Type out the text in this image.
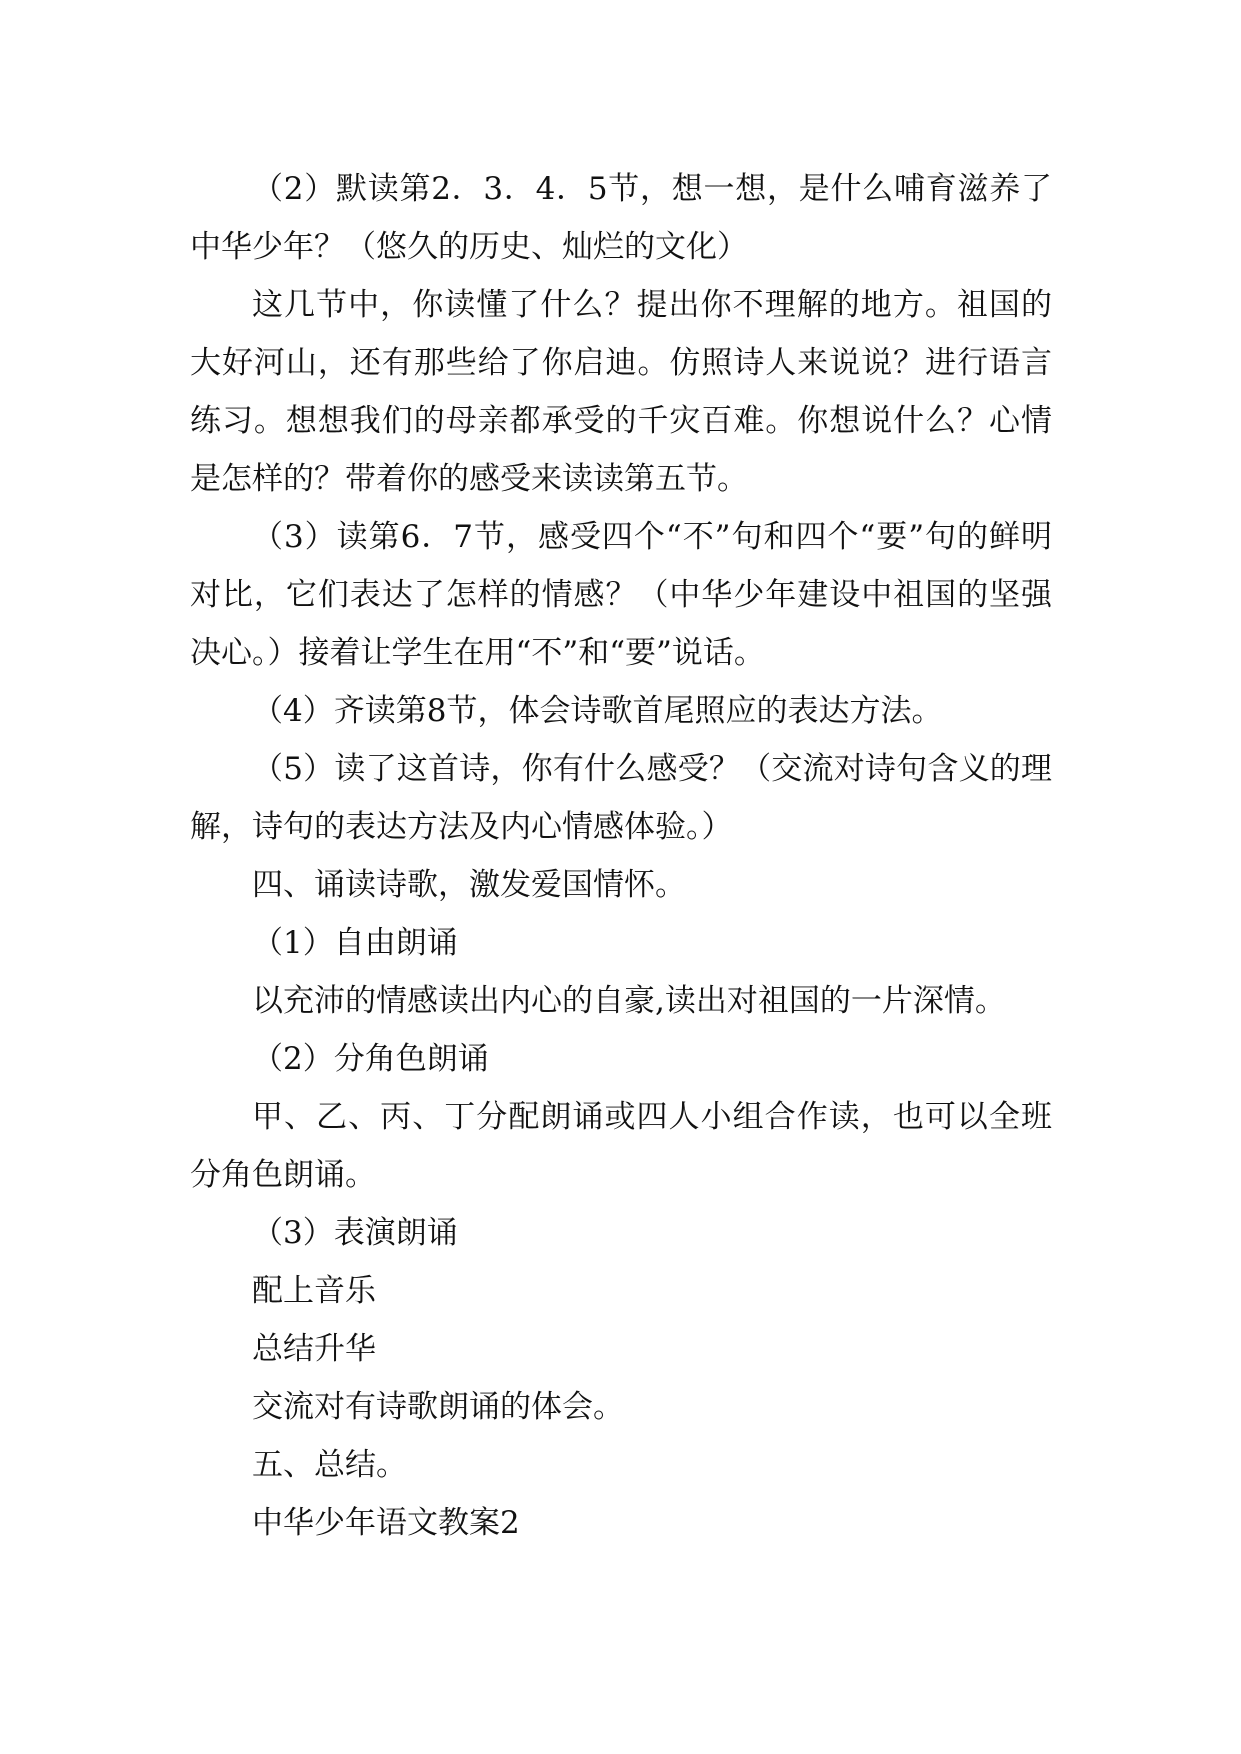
（2）默读第2．3．4．5节，想一想，是什么哺育滋养了中华少年？（悠久的历史、灿烂的文化）

这几节中，你读懂了什么？提出你不理解的地方。祖国的大好河山，还有那些给了你启迪。仿照诗人来说说？进行语言练习。想想我们的母亲都承受的千灾百难。你想说什么？心情是怎样的？带着你的感受来读读第五节。

（3）读第6．7节，感受四个“不”句和四个“要”句的鲜明对比，它们表达了怎样的情感？（中华少年建设中祖国的坚强决心。）接着让学生在用“不”和“要”说话。

（4）齐读第8节，体会诗歌首尾照应的表达方法。

（5）读了这首诗，你有什么感受？（交流对诗句含义的理解，诗句的表达方法及内心情感体验。）

四、诵读诗歌，激发爱国情怀。

（1）自由朗诵

以充沛的情感读出内心的自豪,读出对祖国的一片深情。

（2）分角色朗诵

甲、乙、丙、丁分配朗诵或四人小组合作读，也可以全班分角色朗诵。

（3）表演朗诵

配上音乐

总结升华

交流对有诗歌朗诵的体会。

五、总结。

中华少年语文教案2
